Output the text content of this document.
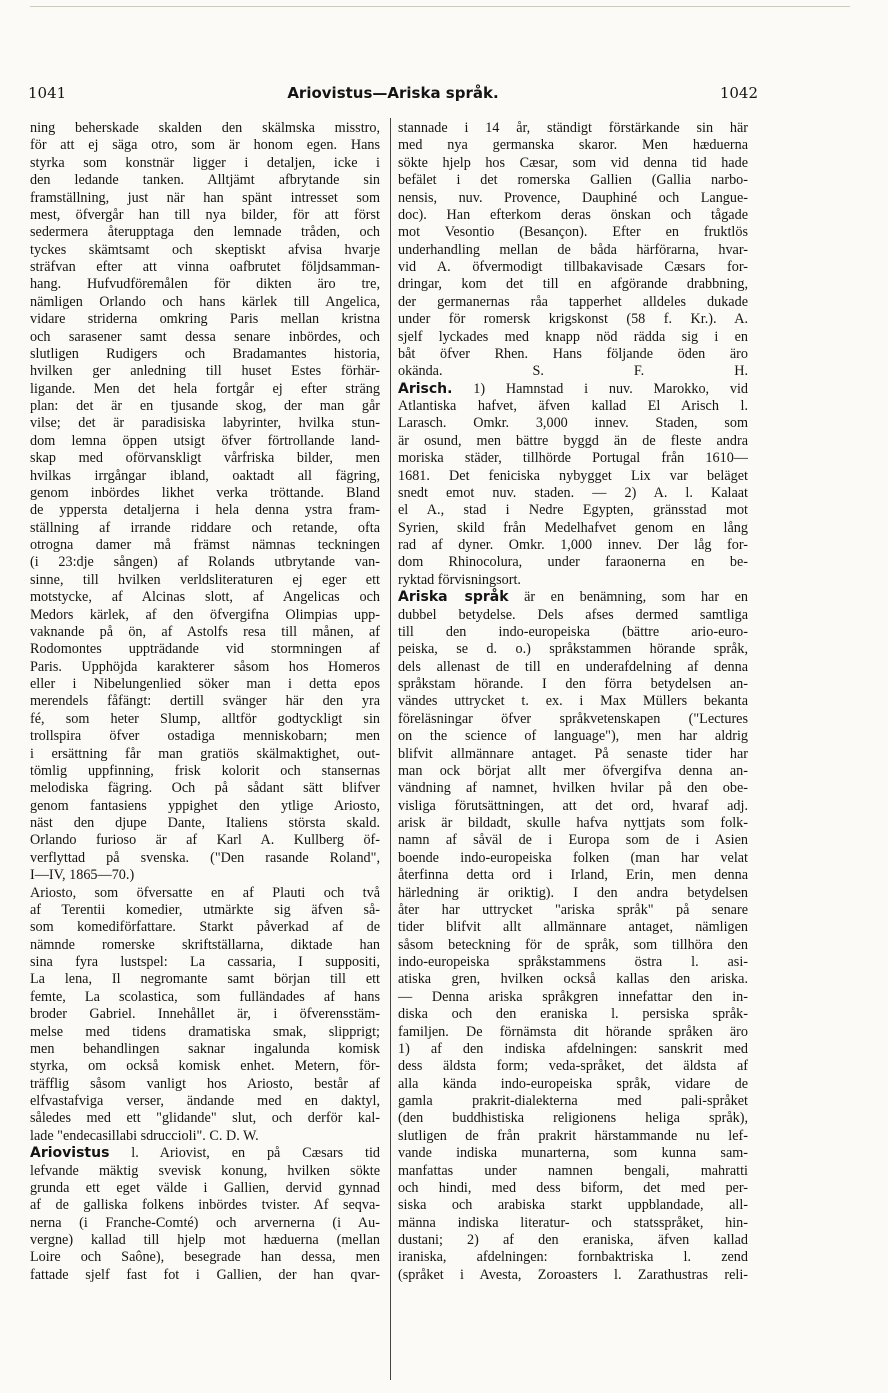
1041	Ariovistus—Ariska språk.	1042
ning beherskade skalden den skälmska misstro,
för att ej säga otro, som är honom egen. Hans
styrka som konstnär ligger i detaljen, icke i
den ledande tanken. Alltjämt afbrytande sin
framställning, just när han spänt intresset som
mest, öfvergår han till nya bilder, för att först
sedermera återupptaga den lemnade tråden, och
tyckes skämtsamt och skeptiskt afvisa hvarje
sträfvan efter att vinna oafbrutet följdsamman-
hang. Hufvudföremålen för dikten äro tre,
nämligen Orlando och hans kärlek till Angelica,
vidare striderna omkring Paris mellan kristna
och sarasener samt dessa senare inbördes, och
slutligen Rudigers och Bradamantes historia,
hvilken ger anledning till huset Estes förhär-
ligande. Men det hela fortgår ej efter sträng
plan: det är en tjusande skog, der man går
vilse; det är paradisiska labyrinter, hvilka stun-
dom lemna öppen utsigt öfver förtrollande land-
skap med oförvanskligt vårfriska bilder, men
hvilkas irrgångar ibland, oaktadt all fägring,
genom inbördes likhet verka tröttande. Bland
de yppersta detaljerna i hela denna ystra fram-
ställning af irrande riddare och retande, ofta
otrogna damer må främst nämnas teckningen
(i 23:dje sången) af Rolands utbrytande van-
sinne, till hvilken verldsliteraturen ej eger ett
motstycke, af Alcinas slott, af Angelicas och
Medors kärlek, af den öfvergifna Olimpias upp-
vaknande på ön, af Astolfs resa till månen, af
Rodomontes uppträdande vid stormningen af
Paris. Upphöjda karakterer såsom hos Homeros
eller i Nibelungenlied söker man i detta epos
merendels fåfängt: dertill svänger här den yra
fé, som heter Slump, alltför godtyckligt sin
trollspira öfver ostadiga menniskobarn; men
i ersättning får man gratiös skälmaktighet, out-
tömlig uppfinning, frisk kolorit och stansernas
melodiska fägring. Och på sådant sätt blifver
genom fantasiens yppighet den ytlige Ariosto,
näst den djupe Dante, Italiens största skald.
Orlando furioso är af Karl A. Kullberg öf-
verflyttad på svenska. ("Den rasande Roland",
I—IV, 1865—70.)
Ariosto, som öfversatte en af Plauti och två
af Terentii komedier, utmärkte sig äfven så-
som komediförfattare. Starkt påverkad af de
nämnde romerske skriftställarna, diktade han
sina fyra lustspel: La cassaria, I suppositi,
La lena, Il negromante samt början till ett
femte, La scolastica, som fulländades af hans
broder Gabriel. Innehållet är, i öfverensstäm-
melse med tidens dramatiska smak, slipprigt;
men behandlingen saknar ingalunda komisk
styrka, om också komisk enhet. Metern, för-
träfflig såsom vanligt hos Ariosto, består af
elfvastafviga verser, ändande med en daktyl,
således med ett "glidande" slut, och derför kal-
lade "endecasillabi sdruccioli". C. D. W.
Ariovistus l. Ariovist, en på Cæsars tid
lefvande mäktig svevisk konung, hvilken sökte
grunda ett eget välde i Gallien, dervid gynnad
af de galliska folkens inbördes tvister. Af seqva-
nerna (i Franche-Comté) och arvernerna (i Au-
vergne) kallad till hjelp mot hæduerna (mellan
Loire och Saône), besegrade han dessa, men
fattade sjelf fast fot i Gallien, der han qvar-
stannade i 14 år, ständigt förstärkande sin här
med nya germanska skaror. Men hæduerna
sökte hjelp hos Cæsar, som vid denna tid hade
befälet i det romerska Gallien (Gallia narbo-
nensis, nuv. Provence, Dauphiné och Langue-
doc). Han efterkom deras önskan och tågade
mot Vesontio (Besançon). Efter en fruktlös
underhandling mellan de båda härförarna, hvar-
vid A. öfvermodigt tillbakavisade Cæsars for-
dringar, kom det till en afgörande drabbning,
der germanernas råa tapperhet alldeles dukade
under för romersk krigskonst (58 f. Kr.). A.
sjelf lyckades med knapp nöd rädda sig i en
båt öfver Rhen. Hans följande öden äro
okända. S. F. H.
Arisch. 1) Hamnstad i nuv. Marokko, vid
Atlantiska hafvet, äfven kallad El Arisch l.
Larasch. Omkr. 3,000 innev. Staden, som
är osund, men bättre byggd än de fleste andra
moriska städer, tillhörde Portugal från 1610—
1681. Det feniciska nybygget Lix var beläget
snedt emot nuv. staden. — 2) A. l. Kalaat
el A., stad i Nedre Egypten, gränsstad mot
Syrien, skild från Medelhafvet genom en lång
rad af dyner. Omkr. 1,000 innev. Der låg for-
dom Rhinocolura, under faraonerna en be-
ryktad förvisningsort.
Ariska språk är en benämning, som har en
dubbel betydelse. Dels afses dermed samtliga
till den indo-europeiska (bättre ario-euro-
peiska, se d. o.) språkstammen hörande språk,
dels allenast de till en underafdelning af denna
språkstam hörande. I den förra betydelsen an-
vändes uttrycket t. ex. i Max Müllers bekanta
föreläsningar öfver språkvetenskapen ("Lectures
on the science of language"), men har aldrig
blifvit allmännare antaget. På senaste tider har
man ock börjat allt mer öfvergifva denna an-
vändning af namnet, hvilken hvilar på den obe-
visliga förutsättningen, att det ord, hvaraf adj.
arisk är bildadt, skulle hafva nyttjats som folk-
namn af såväl de i Europa som de i Asien
boende indo-europeiska folken (man har velat
återfinna detta ord i Irland, Erin, men denna
härledning är oriktig). I den andra betydelsen
åter har uttrycket "ariska språk" på senare
tider blifvit allt allmännare antaget, nämligen
såsom beteckning för de språk, som tillhöra den
indo-europeiska språkstammens östra l. asi-
atiska gren, hvilken också kallas den ariska.
— Denna ariska språkgren innefattar den in-
diska och den eraniska l. persiska språk-
familjen. De förnämsta dit hörande språken äro
1) af den indiska afdelningen: sanskrit med
dess äldsta form; veda-språket, det äldsta af
alla kända indo-europeiska språk, vidare de
gamla prakrit-dialekterna med pali-språket
(den buddhistiska religionens heliga språk),
slutligen de från prakrit härstammande nu lef-
vande indiska munarterna, som kunna sam-
manfattas under namnen bengali, mahratti
och hindi, med dess biform, det med per-
siska och arabiska starkt uppblandade, all-
männa indiska literatur- och statsspråket, hin-
dustani; 2) af den eraniska, äfven kallad
iraniska, afdelningen: fornbaktriska l. zend
(språket i Avesta, Zoroasters l. Zarathustras reli-
